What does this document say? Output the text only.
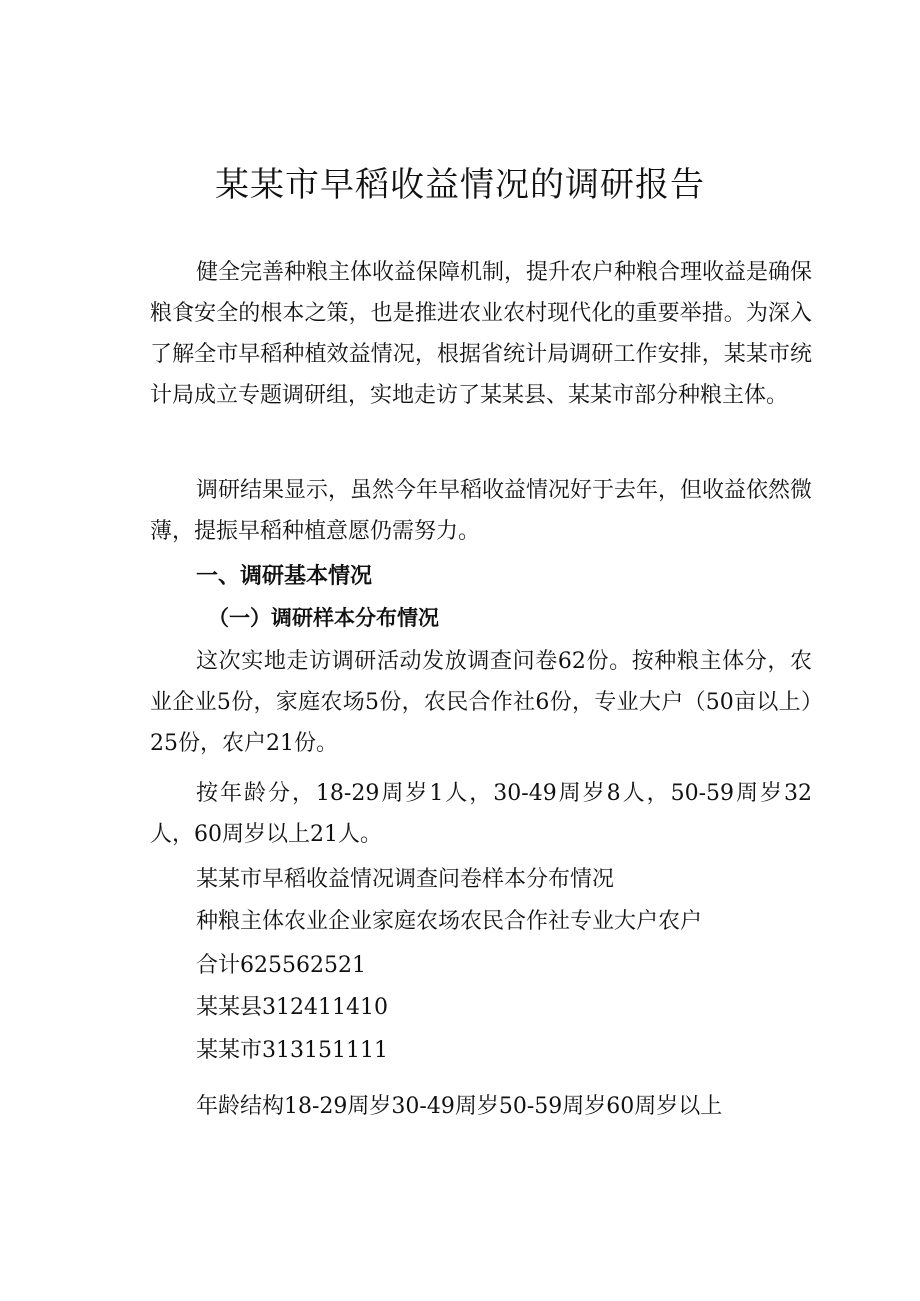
某某市早稻收益情况的调研报告

健全完善种粮主体收益保障机制，提升农户种粮合理收益是确保粮食安全的根本之策，也是推进农业农村现代化的重要举措。为深入了解全市早稻种植效益情况，根据省统计局调研工作安排，某某市统计局成立专题调研组，实地走访了某某县、某某市部分种粮主体。

调研结果显示，虽然今年早稻收益情况好于去年，但收益依然微薄，提振早稻种植意愿仍需努力。

一、调研基本情况
（一）调研样本分布情况

这次实地走访调研活动发放调查问卷62份。按种粮主体分，农业企业5份，家庭农场5份，农民合作社6份，专业大户（50亩以上）25份，农户21份。

按年龄分，18-29周岁1人，30-49周岁8人，50-59周岁32人，60周岁以上21人。

某某市早稻收益情况调查问卷样本分布情况
种粮主体农业企业家庭农场农民合作社专业大户农户
合计625562521
某某县312411410
某某市313151111
年龄结构18-29周岁30-49周岁50-59周岁60周岁以上
